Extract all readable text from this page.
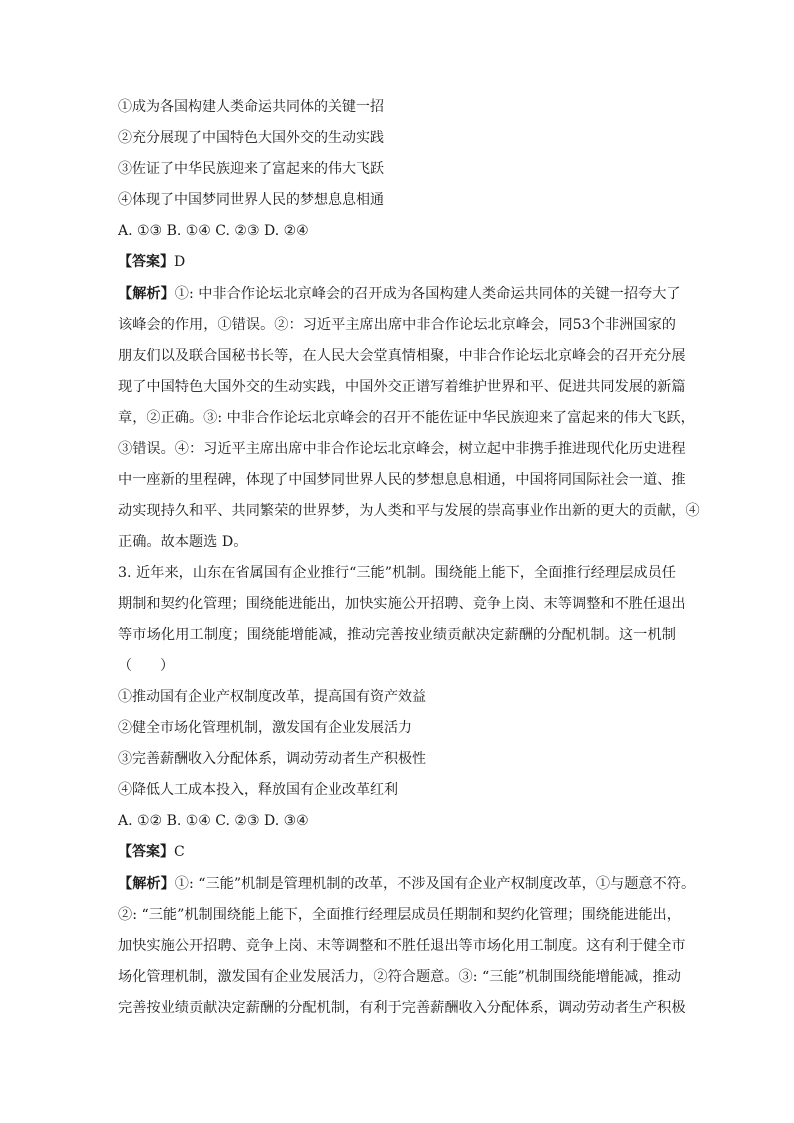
①成为各国构建人类命运共同体的关键一招
②充分展现了中国特色大国外交的生动实践
③佐证了中华民族迎来了富起来的伟大飞跃
④体现了中国梦同世界人民的梦想息息相通
A. ①③ B. ①④ C. ②③ D. ②④
【答案】D
【解析】①: 中非合作论坛北京峰会的召开成为各国构建人类命运共同体的关键一招夸大了
该峰会的作用，①错误。②：习近平主席出席中非合作论坛北京峰会，同53个非洲国家的
朋友们以及联合国秘书长等，在人民大会堂真情相聚，中非合作论坛北京峰会的召开充分展
现了中国特色大国外交的生动实践，中国外交正谱写着维护世界和平、促进共同发展的新篇
章，②正确。③: 中非合作论坛北京峰会的召开不能佐证中华民族迎来了富起来的伟大飞跃，
③错误。④：习近平主席出席中非合作论坛北京峰会，树立起中非携手推进现代化历史进程
中一座新的里程碑，体现了中国梦同世界人民的梦想息息相通，中国将同国际社会一道、推
动实现持久和平、共同繁荣的世界梦，为人类和平与发展的崇高事业作出新的更大的贡献，④
正确。故本题选 D。
3. 近年来，山东在省属国有企业推行“三能”机制。围绕能上能下，全面推行经理层成员任
期制和契约化管理；围绕能进能出，加快实施公开招聘、竞争上岗、末等调整和不胜任退出
等市场化用工制度；围绕能增能减，推动完善按业绩贡献决定薪酬的分配机制。这一机制
（　　）
①推动国有企业产权制度改革，提高国有资产效益
②健全市场化管理机制，激发国有企业发展活力
③完善薪酬收入分配体系，调动劳动者生产积极性
④降低人工成本投入，释放国有企业改革红利
A. ①② B. ①④ C. ②③ D. ③④
【答案】C
【解析】①: “三能”机制是管理机制的改革，不涉及国有企业产权制度改革，①与题意不符。
②: “三能”机制围绕能上能下，全面推行经理层成员任期制和契约化管理；围绕能进能出，
加快实施公开招聘、竞争上岗、末等调整和不胜任退出等市场化用工制度。这有利于健全市
场化管理机制，激发国有企业发展活力，②符合题意。③: “三能”机制围绕能增能减，推动
完善按业绩贡献决定薪酬的分配机制，有利于完善薪酬收入分配体系，调动劳动者生产积极
